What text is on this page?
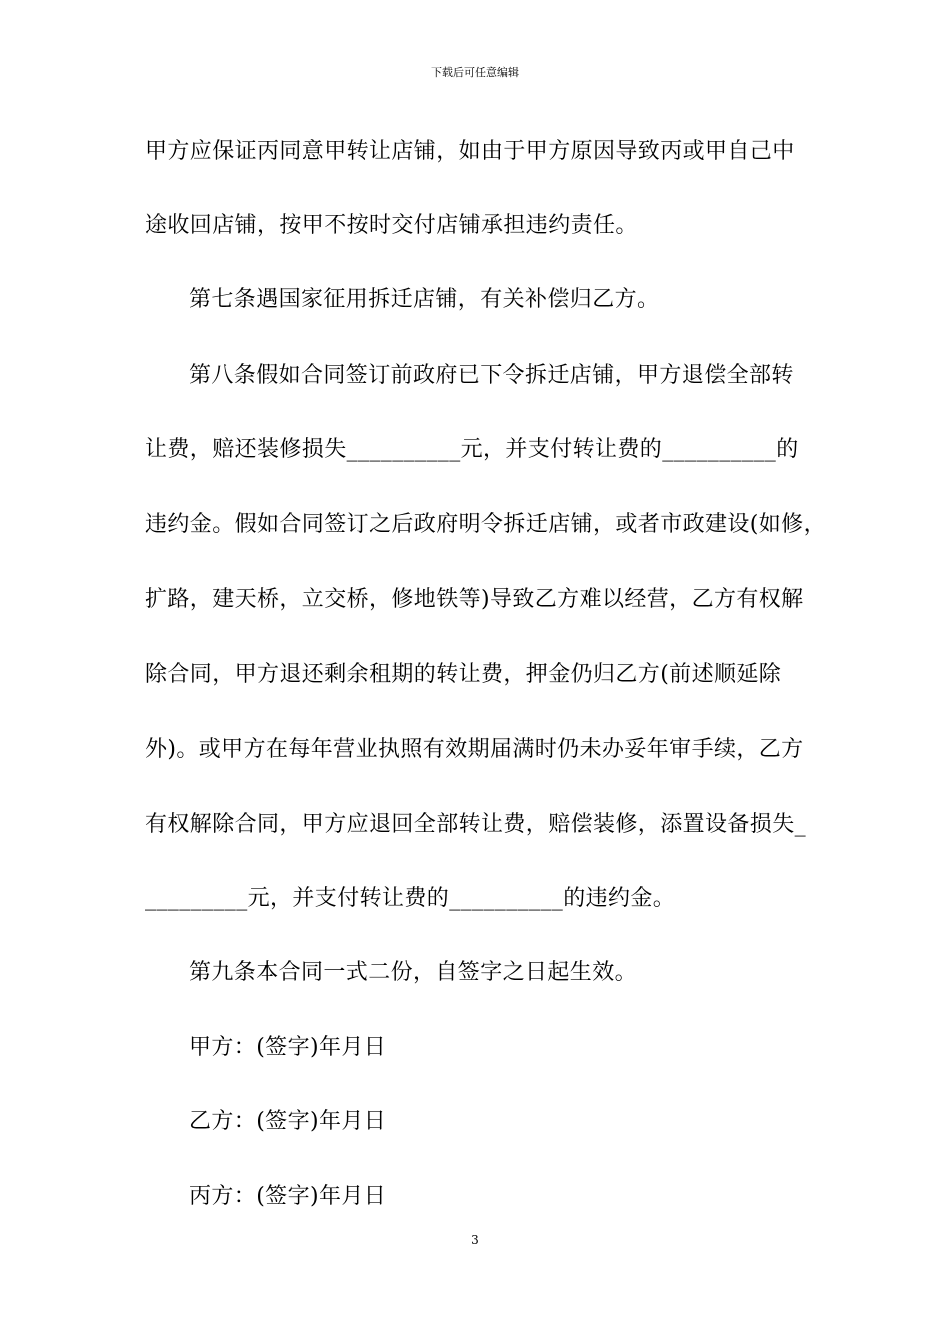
下载后可任意编辑
甲方应保证丙同意甲转让店铺，如由于甲方原因导致丙或甲自己中
途收回店铺，按甲不按时交付店铺承担违约责任。
第七条遇国家征用拆迁店铺，有关补偿归乙方。
第八条假如合同签订前政府已下令拆迁店铺，甲方退偿全部转
让费，赔还装修损失__________元，并支付转让费的__________的
违约金。假如合同签订之后政府明令拆迁店铺，或者市政建设(如修，
扩路，建天桥，立交桥，修地铁等)导致乙方难以经营，乙方有权解
除合同，甲方退还剩余租期的转让费，押金仍归乙方(前述顺延除
外)。或甲方在每年营业执照有效期届满时仍未办妥年审手续，乙方
有权解除合同，甲方应退回全部转让费，赔偿装修，添置设备损失_
_________元，并支付转让费的__________的违约金。
第九条本合同一式二份，自签字之日起生效。
甲方：(签字)年月日
乙方：(签字)年月日
丙方：(签字)年月日
3
